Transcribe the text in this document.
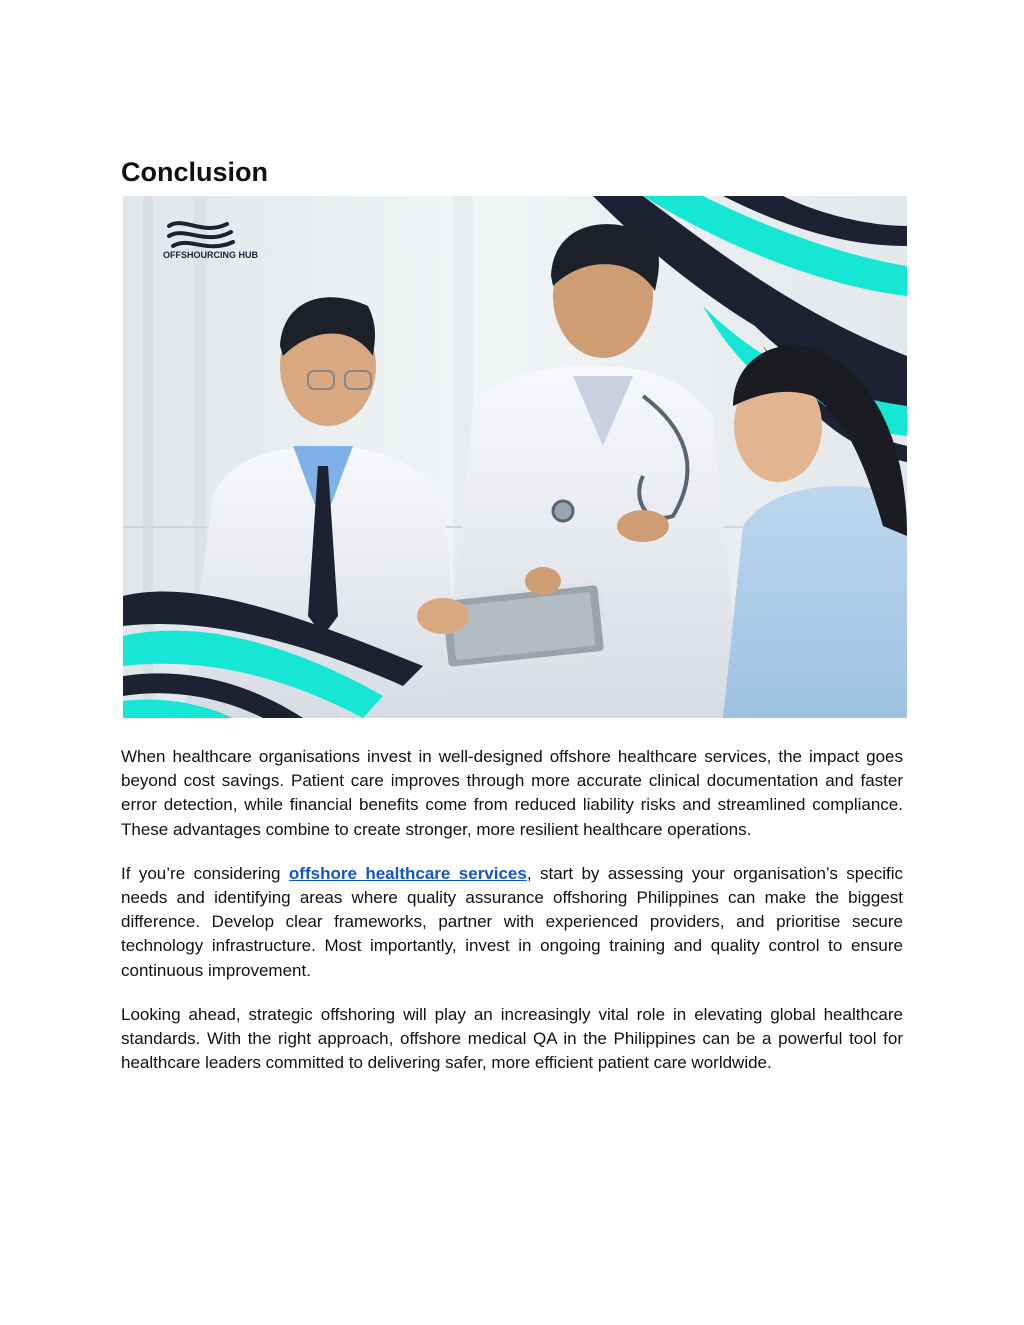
Conclusion
OFFSHOURCING HUB

When healthcare organisations invest in well-designed offshore healthcare services, the impact goes beyond cost savings. Patient care improves through more accurate clinical documentation and faster error detection, while financial benefits come from reduced liability risks and streamlined compliance. These advantages combine to create stronger, more resilient healthcare operations.

If you’re considering offshore healthcare services, start by assessing your organisation’s specific needs and identifying areas where quality assurance offshoring Philippines can make the biggest difference. Develop clear frameworks, partner with experienced providers, and prioritise secure technology infrastructure. Most importantly, invest in ongoing training and quality control to ensure continuous improvement.

Looking ahead, strategic offshoring will play an increasingly vital role in elevating global healthcare standards. With the right approach, offshore medical QA in the Philippines can be a powerful tool for healthcare leaders committed to delivering safer, more efficient patient care worldwide.
